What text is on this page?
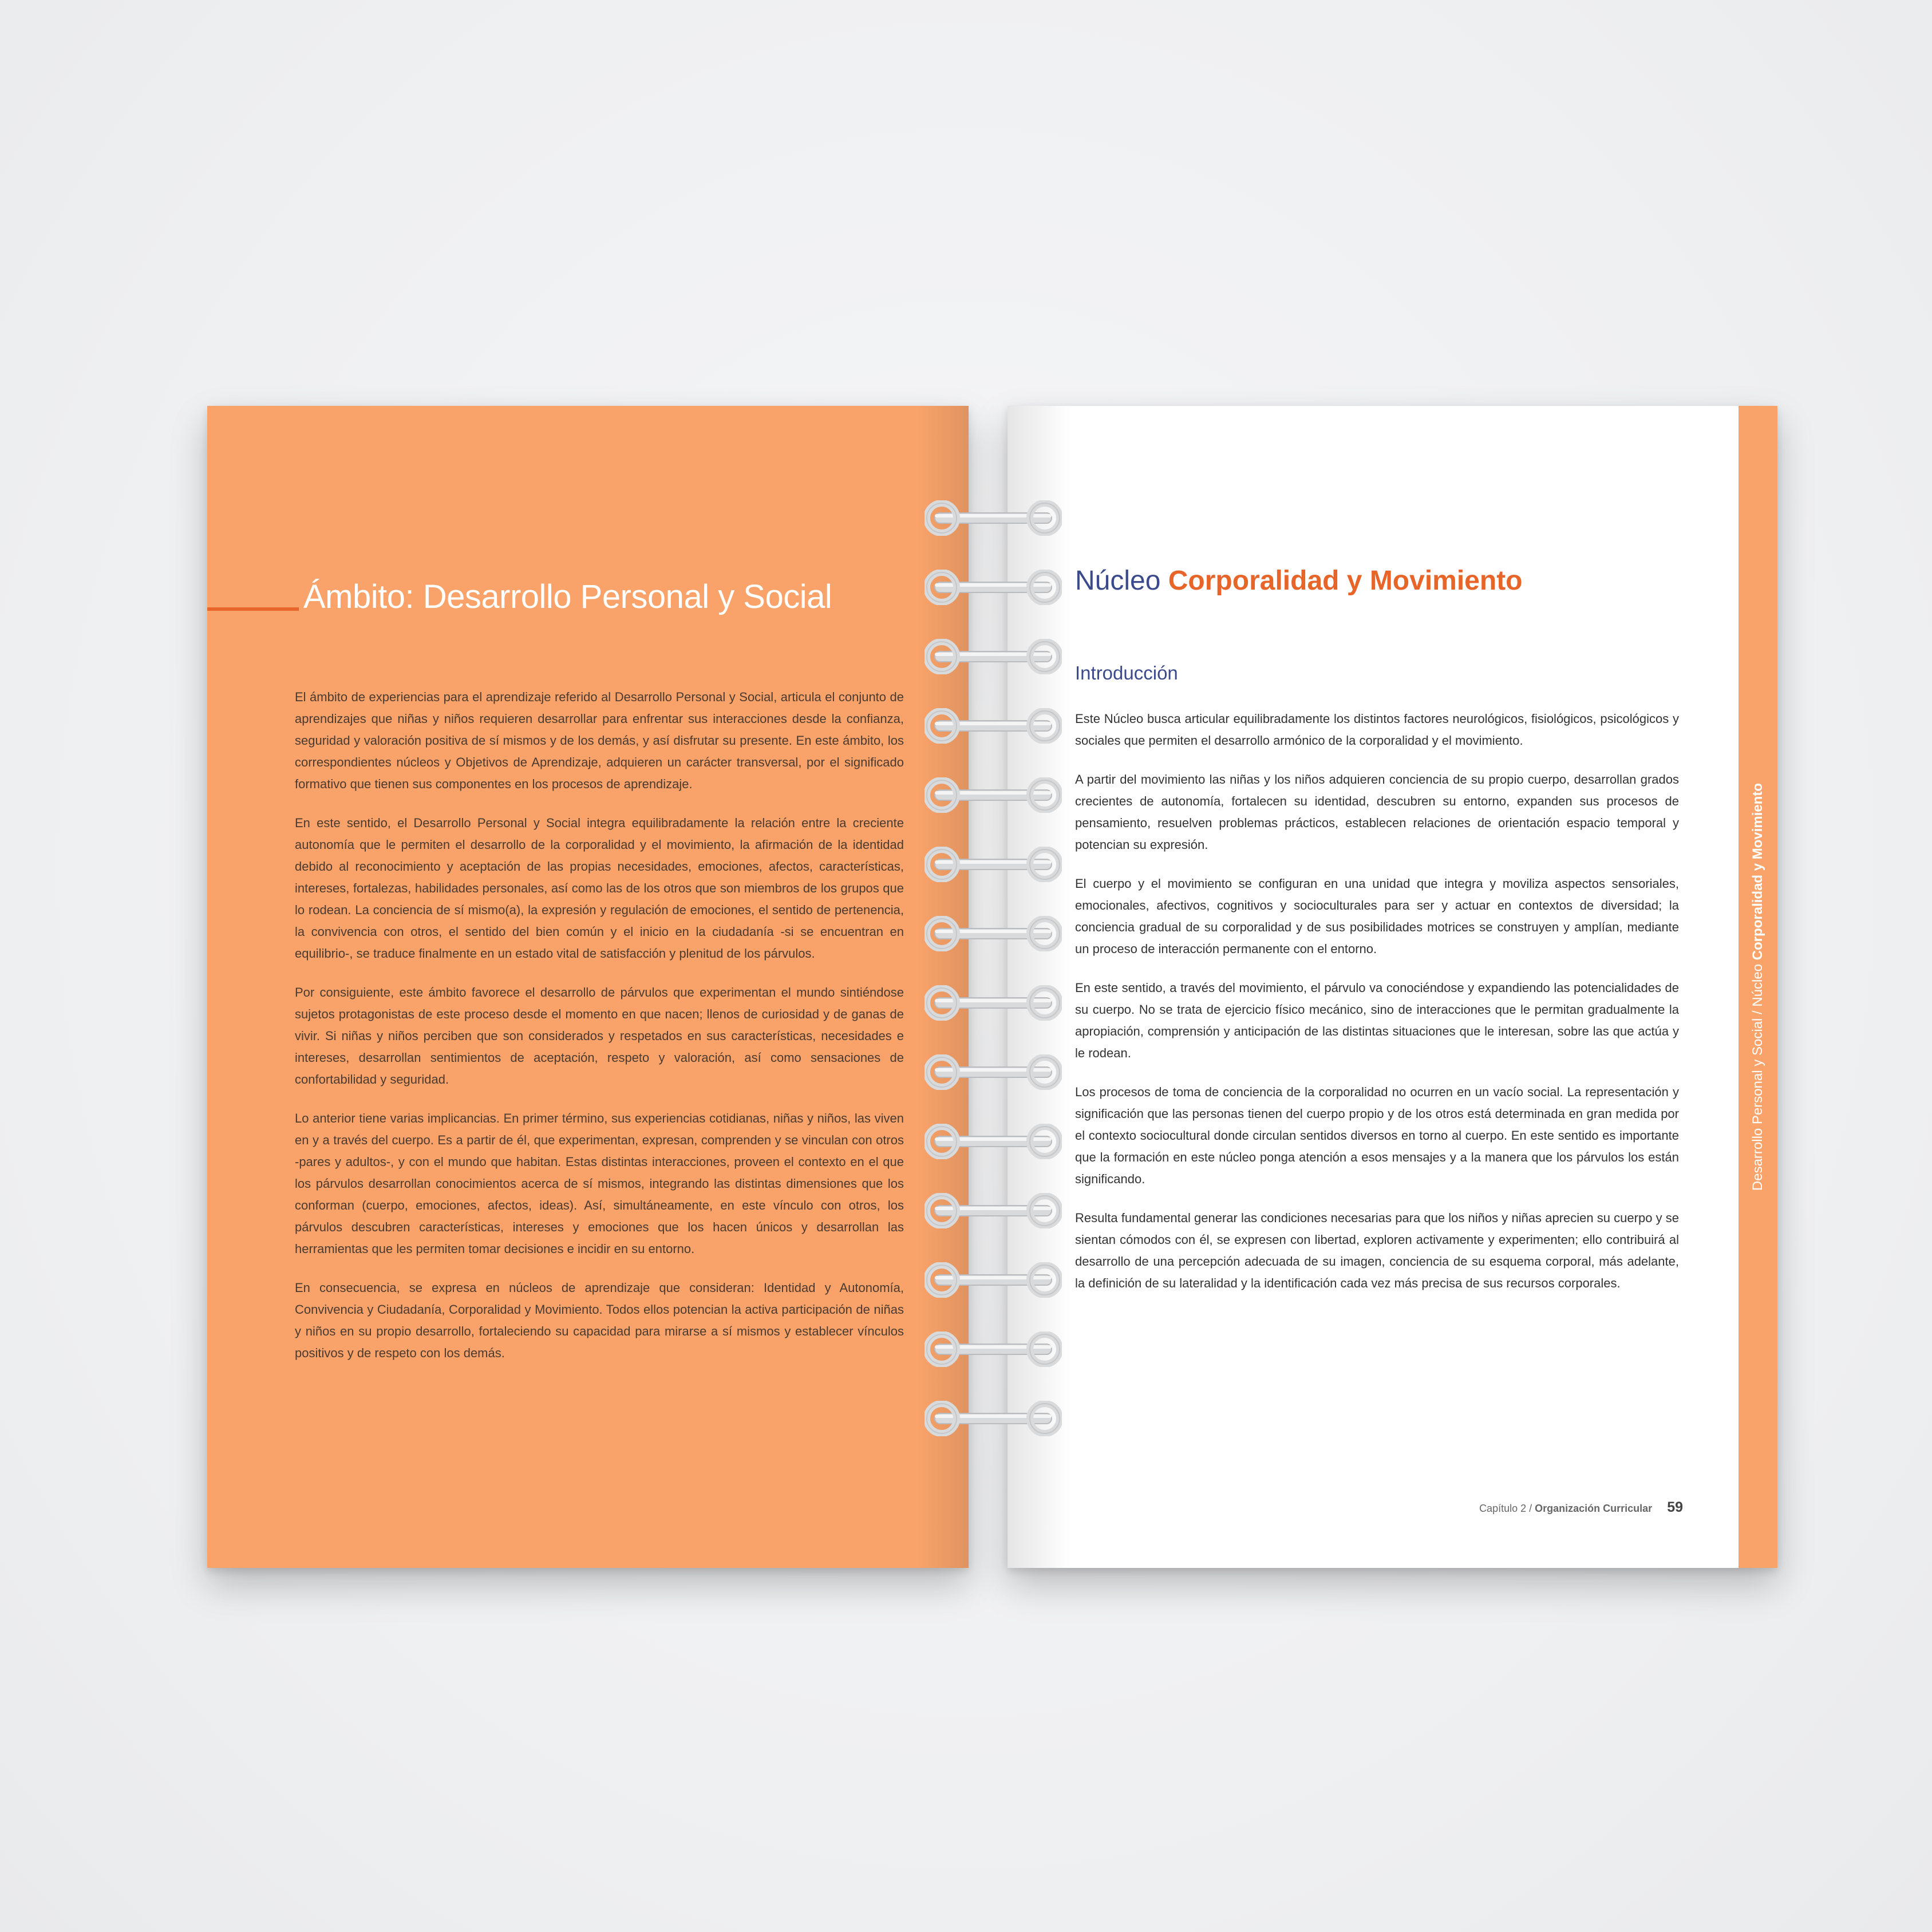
Ámbito: Desarrollo Personal y Social

El ámbito de experiencias para el aprendizaje referido al Desarrollo Personal y Social, articula el conjunto de aprendizajes que niñas y niños requieren desarrollar para enfrentar sus interacciones desde la confianza, seguridad y valoración positiva de sí mismos y de los demás, y así disfrutar su presente. En este ámbito, los correspondientes núcleos y Objetivos de Aprendizaje, adquieren un carácter transversal, por el significado formativo que tienen sus componentes en los procesos de aprendizaje.

En este sentido, el Desarrollo Personal y Social integra equilibradamente la relación entre la creciente autonomía que le permiten el desarrollo de la corporalidad y el movimiento, la afirmación de la identidad debido al reconocimiento y aceptación de las propias necesidades, emociones, afectos, características, intereses, fortalezas, habilidades personales, así como las de los otros que son miembros de los grupos que lo rodean. La conciencia de sí mismo(a), la expresión y regulación de emociones, el sentido de pertenencia, la convivencia con otros, el sentido del bien común y el inicio en la ciudadanía -si se encuentran en equilibrio-, se traduce finalmente en un estado vital de satisfacción y plenitud de los párvulos.

Por consiguiente, este ámbito favorece el desarrollo de párvulos que experimentan el mundo sintiéndose sujetos protagonistas de este proceso desde el momento en que nacen; llenos de curiosidad y de ganas de vivir. Si niñas y niños perciben que son considerados y respetados en sus características, necesidades e intereses, desarrollan sentimientos de aceptación, respeto y valoración, así como sensaciones de confortabilidad y seguridad.

Lo anterior tiene varias implicancias. En primer término, sus experiencias cotidianas, niñas y niños, las viven en y a través del cuerpo. Es a partir de él, que experimentan, expresan, comprenden y se vinculan con otros -pares y adultos-, y con el mundo que habitan. Estas distintas interacciones, proveen el contexto en el que los párvulos desarrollan conocimientos acerca de sí mismos, integrando las distintas dimensiones que los conforman (cuerpo, emociones, afectos, ideas). Así, simultáneamente, en este vínculo con otros, los párvulos descubren características, intereses y emociones que los hacen únicos y desarrollan las herramientas que les permiten tomar decisiones e incidir en su entorno.

En consecuencia, se expresa en núcleos de aprendizaje que consideran: Identidad y Autonomía, Convivencia y Ciudadanía, Corporalidad y Movimiento. Todos ellos potencian la activa participación de niñas y niños en su propio desarrollo, fortaleciendo su capacidad para mirarse a sí mismos y establecer vínculos positivos y de respeto con los demás.

Núcleo Corporalidad y Movimiento
Introducción

Este Núcleo busca articular equilibradamente los distintos factores neurológicos, fisiológicos, psicológicos y sociales que permiten el desarrollo armónico de la corporalidad y el movimiento.

A partir del movimiento las niñas y los niños adquieren conciencia de su propio cuerpo, desarrollan grados crecientes de autonomía, fortalecen su identidad, descubren su entorno, expanden sus procesos de pensamiento, resuelven problemas prácticos, establecen relaciones de orientación espacio temporal y potencian su expresión.

El cuerpo y el movimiento se configuran en una unidad que integra y moviliza aspectos sensoriales, emocionales, afectivos, cognitivos y socioculturales para ser y actuar en contextos de diversidad; la conciencia gradual de su corporalidad y de sus posibilidades motrices se construyen y amplían, mediante un proceso de interacción permanente con el entorno.

En este sentido, a través del movimiento, el párvulo va conociéndose y expandiendo las potencialidades de su cuerpo. No se trata de ejercicio físico mecánico, sino de interacciones que le permitan gradualmente la apropiación, comprensión y anticipación de las distintas situaciones que le interesan, sobre las que actúa y le rodean.

Los procesos de toma de conciencia de la corporalidad no ocurren en un vacío social. La representación y significación que las personas tienen del cuerpo propio y de los otros está determinada en gran medida por el contexto sociocultural donde circulan sentidos diversos en torno al cuerpo. En este sentido es importante que la formación en este núcleo ponga atención a esos mensajes y a la manera que los párvulos los están significando.

Resulta fundamental generar las condiciones necesarias para que los niños y niñas aprecien su cuerpo y se sientan cómodos con él, se expresen con libertad, exploren activamente y experimenten; ello contribuirá al desarrollo de una percepción adecuada de su imagen, conciencia de su esquema corporal, más adelante, la definición de su lateralidad y la identificación cada vez más precisa de sus recursos corporales.

Capítulo 2 / Organización Curricular 59
Desarrollo Personal y Social / Núcleo Corporalidad y Movimiento
